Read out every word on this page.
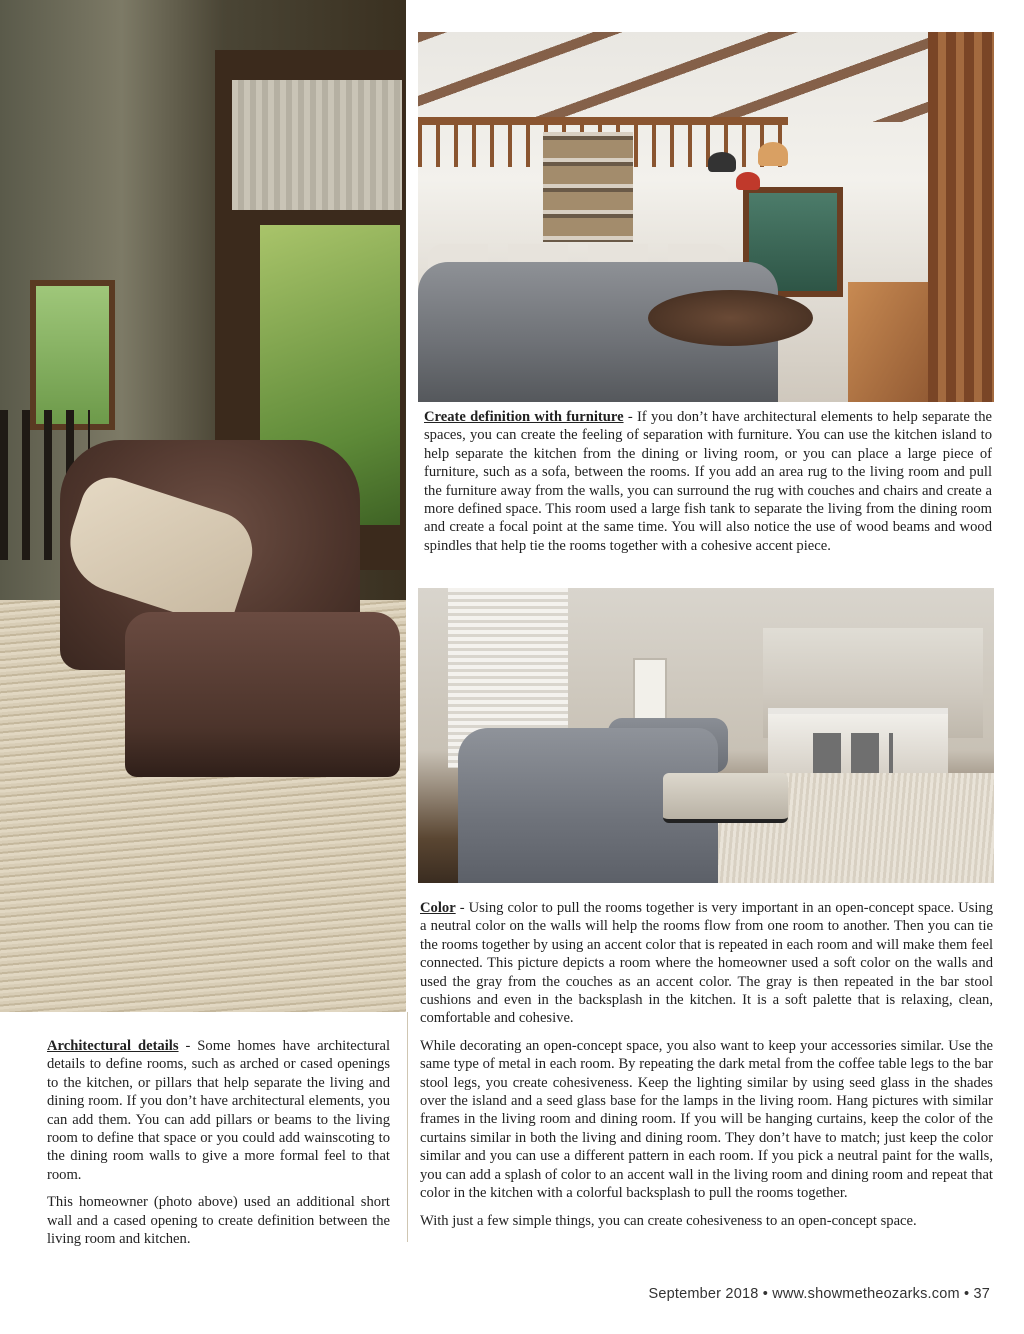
Create definition with furniture - If you don’t have architectural elements to help separate the spaces, you can create the feeling of separation with furniture. You can use the kitchen island to help separate the kitchen from the dining or living room, or you can place a large piece of furniture, such as a sofa, between the rooms. If you add an area rug to the living room and pull the furniture away from the walls, you can surround the rug with couches and chairs and create a more defined space. This room used a large fish tank to separate the living from the dining room and create a focal point at the same time. You will also notice the use of wood beams and wood spindles that help tie the rooms together with a cohesive accent piece.

Color - Using color to pull the rooms together is very important in an open-concept space. Using a neutral color on the walls will help the rooms flow from one room to another. Then you can tie the rooms together by using an accent color that is repeated in each room and will make them feel connected. This picture depicts a room where the homeowner used a soft color on the walls and used the gray from the couches as an accent color. The gray is then repeated in the bar stool cushions and even in the backsplash in the kitchen. It is a soft palette that is relaxing, clean, comfortable and cohesive.

While decorating an open-concept space, you also want to keep your accessories similar. Use the same type of metal in each room. By repeating the dark metal from the coffee table legs to the bar stool legs, you create cohesiveness. Keep the lighting similar by using seed glass in the shades over the island and a seed glass base for the lamps in the living room. Hang pictures with similar frames in the living room and dining room. If you will be hanging curtains, keep the color of the curtains similar in both the living and dining room. They don’t have to match; just keep the color similar and you can use a different pattern in each room. If you pick a neutral paint for the walls, you can add a splash of color to an accent wall in the living room and dining room and repeat that color in the kitchen with a colorful backsplash to pull the rooms together.

With just a few simple things, you can create cohesiveness to an open-concept space.

Architectural details - Some homes have architectural details to define rooms, such as arched or cased openings to the kitchen, or pillars that help separate the living and dining room. If you don’t have architectural elements, you can add them. You can add pillars or beams to the living room to define that space or you could add wainscoting to the dining room walls to give a more formal feel to that room.

This homeowner (photo above) used an additional short wall and a cased opening to create definition between the living room and kitchen.

September 2018 • www.showmetheozarks.com • 37
